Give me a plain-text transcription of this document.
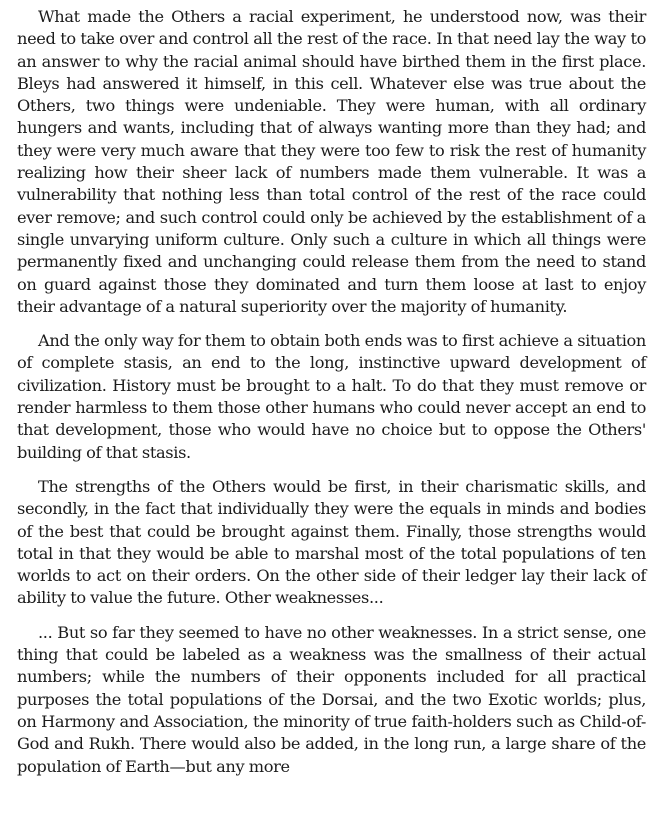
What made the Others a racial experiment, he understood now, was their need to take over and control all the rest of the race. In that need lay the way to an answer to why the racial animal should have birthed them in the first place. Bleys had answered it himself, in this cell. Whatever else was true about the Others, two things were undeniable. They were human, with all ordinary hungers and wants, including that of always wanting more than they had; and they were very much aware that they were too few to risk the rest of humanity realizing how their sheer lack of numbers made them vulnerable. It was a vulnerability that nothing less than total control of the rest of the race could ever remove; and such control could only be achieved by the establishment of a single unvarying uniform culture. Only such a culture in which all things were permanently fixed and unchanging could release them from the need to stand on guard against those they dominated and turn them loose at last to enjoy their advantage of a natural superiority over the majority of humanity.

And the only way for them to obtain both ends was to first achieve a situation of complete stasis, an end to the long, instinctive upward development of civilization. History must be brought to a halt. To do that they must remove or render harmless to them those other humans who could never accept an end to that development, those who would have no choice but to oppose the Others' building of that stasis.

The strengths of the Others would be first, in their charismatic skills, and secondly, in the fact that individually they were the equals in minds and bodies of the best that could be brought against them. Finally, those strengths would total in that they would be able to marshal most of the total populations of ten worlds to act on their orders. On the other side of their ledger lay their lack of ability to value the future. Other weaknesses...

... But so far they seemed to have no other weaknesses. In a strict sense, one thing that could be labeled as a weakness was the smallness of their actual numbers; while the numbers of their opponents included for all practical purposes the total populations of the Dorsai, and the two Exotic worlds; plus, on Harmony and Association, the minority of true faith-holders such as Child-of-God and Rukh. There would also be added, in the long run, a large share of the population of Earth—but any more
